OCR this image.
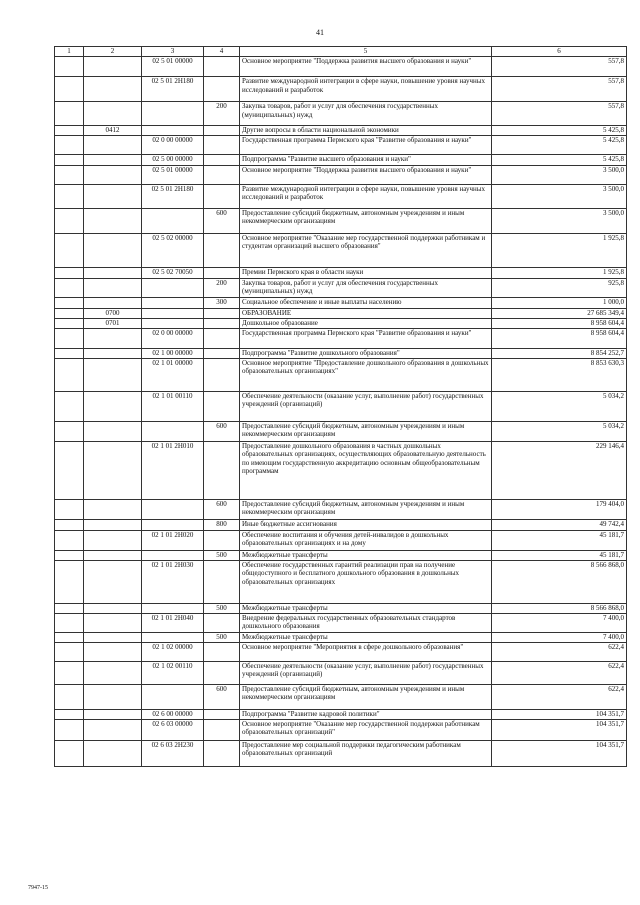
41
1	2	3	4	5	6
		02 5 01 00000		Основное мероприятие "Поддержка развития высшего образования и науки"	557,8
		02 5 01 2Н180		Развитие международной интеграции в сфере науки, повышение уровня научных исследований и разработок	557,8
			200	Закупка товаров, работ и услуг для обеспечения государственных (муниципальных) нужд	557,8
	0412			Другие вопросы в области национальной экономики	5 425,8
		02 0 00 00000		Государственная программа Пермского края "Развитие образования и науки"	5 425,8
		02 5 00 00000		Подпрограмма "Развитие высшего образования и науки"	5 425,8
		02 5 01 00000		Основное мероприятие "Поддержка развития высшего образования и науки"	3 500,0
		02 5 01 2Н180		Развитие международной интеграции в сфере науки, повышение уровня научных исследований и разработок	3 500,0
			600	Предоставление субсидий бюджетным, автономным учреждениям и иным некоммерческим организациям	3 500,0
		02 5 02 00000		Основное мероприятие "Оказание мер государственной поддержки работникам и студентам организаций высшего образования"	1 925,8
		02 5 02 70050		Премии Пермского края в области науки	1 925,8
			200	Закупка товаров, работ и услуг для обеспечения государственных (муниципальных) нужд	925,8
			300	Социальное обеспечение и иные выплаты населению	1 000,0
	0700			ОБРАЗОВАНИЕ	27 685 349,4
	0701			Дошкольное образование	8 958 604,4
		02 0 00 00000		Государственная программа Пермского края "Развитие образования и науки"	8 958 604,4
		02 1 00 00000		Подпрограмма "Развитие дошкольного образования"	8 854 252,7
		02 1 01 00000		Основное мероприятие "Предоставление дошкольного образования в дошкольных образовательных организациях"	8 853 630,3
		02 1 01 00110		Обеспечение деятельности (оказание услуг, выполнение работ) государственных учреждений (организаций)	5 034,2
			600	Предоставление субсидий бюджетным, автономным учреждениям и иным некоммерческим организациям	5 034,2
		02 1 01 2Н010		Предоставление дошкольного образования в частных дошкольных образовательных организациях, осуществляющих образовательную деятельность по имеющим государственную аккредитацию основным общеобразовательным программам	229 146,4
			600	Предоставление субсидий бюджетным, автономным учреждениям и иным некоммерческим организациям	179 404,0
			800	Иные бюджетные ассигнования	49 742,4
		02 1 01 2Н020		Обеспечение воспитания и обучения детей-инвалидов в дошкольных образовательных организациях и на дому	45 181,7
			500	Межбюджетные трансферты	45 181,7
		02 1 01 2Н030		Обеспечение государственных гарантий реализации прав на получение общедоступного и бесплатного дошкольного образования в дошкольных образовательных организациях	8 566 868,0
			500	Межбюджетные трансферты	8 566 868,0
		02 1 01 2Н040		Внедрение федеральных государственных образовательных стандартов дошкольного образования	7 400,0
			500	Межбюджетные трансферты	7 400,0
		02 1 02 00000		Основное мероприятие "Мероприятия в сфере дошкольного образования"	622,4
		02 1 02 00110		Обеспечение деятельности (оказание услуг, выполнение работ) государственных учреждений (организаций)	622,4
			600	Предоставление субсидий бюджетным, автономным учреждениям и иным некоммерческим организациям	622,4
		02 6 00 00000		Подпрограмма "Развитие кадровой политики"	104 351,7
		02 6 03 00000		Основное мероприятие "Оказание мер государственной поддержки работникам образовательных организаций"	104 351,7
		02 6 03 2Н230		Предоставление мер социальной поддержки педагогическим работникам образовательных организаций	104 351,7
7947-15
